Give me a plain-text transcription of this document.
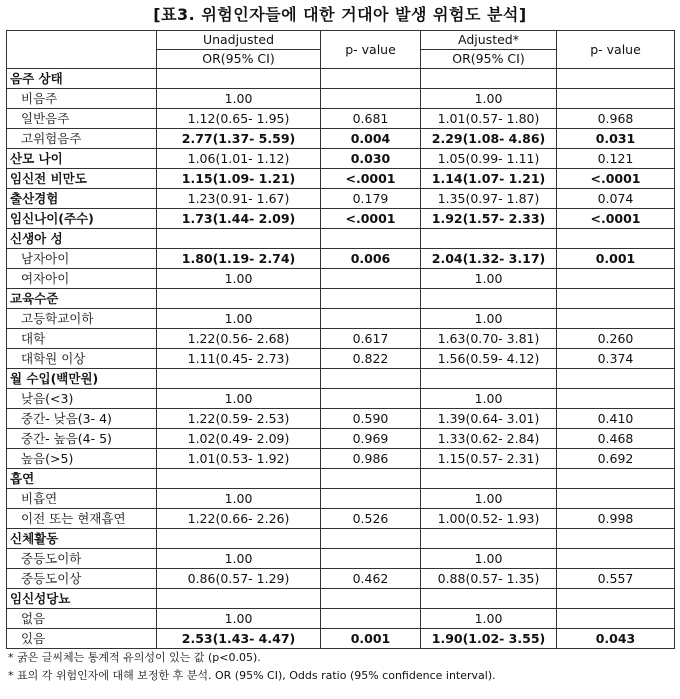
[표3. 위험인자들에 대한 거대아 발생 위험도 분석]
	Unadjusted	p- value	Adjusted*	p- value
	OR(95% CI)		OR(95% CI)	
음주 상태				
비음주	1.00		1.00	
일반음주	1.12(0.65- 1.95)	0.681	1.01(0.57- 1.80)	0.968
고위험음주	2.77(1.37- 5.59)	0.004	2.29(1.08- 4.86)	0.031
산모 나이	1.06(1.01- 1.12)	0.030	1.05(0.99- 1.11)	0.121
임신전 비만도	1.15(1.09- 1.21)	<.0001	1.14(1.07- 1.21)	<.0001
출산경험	1.23(0.91- 1.67)	0.179	1.35(0.97- 1.87)	0.074
임신나이(주수)	1.73(1.44- 2.09)	<.0001	1.92(1.57- 2.33)	<.0001
신생아 성				
남자아이	1.80(1.19- 2.74)	0.006	2.04(1.32- 3.17)	0.001
여자아이	1.00		1.00	
교육수준				
고등학교이하	1.00		1.00	
대학	1.22(0.56- 2.68)	0.617	1.63(0.70- 3.81)	0.260
대학원 이상	1.11(0.45- 2.73)	0.822	1.56(0.59- 4.12)	0.374
월 수입(백만원)				
낮음(<3)	1.00		1.00	
중간- 낮음(3- 4)	1.22(0.59- 2.53)	0.590	1.39(0.64- 3.01)	0.410
중간- 높음(4- 5)	1.02(0.49- 2.09)	0.969	1.33(0.62- 2.84)	0.468
높음(>5)	1.01(0.53- 1.92)	0.986	1.15(0.57- 2.31)	0.692
흡연				
비흡연	1.00		1.00	
이전 또는 현재흡연	1.22(0.66- 2.26)	0.526	1.00(0.52- 1.93)	0.998
신체활동				
중등도이하	1.00		1.00	
중등도이상	0.86(0.57- 1.29)	0.462	0.88(0.57- 1.35)	0.557
임신성당뇨				
없음	1.00		1.00	
있음	2.53(1.43- 4.47)	0.001	1.90(1.02- 3.55)	0.043
* 굵은 글씨체는 통계적 유의성이 있는 값 (p<0.05).
* 표의 각 위험인자에 대해 보정한 후 분석. OR (95% CI), Odds ratio (95% confidence interval).
